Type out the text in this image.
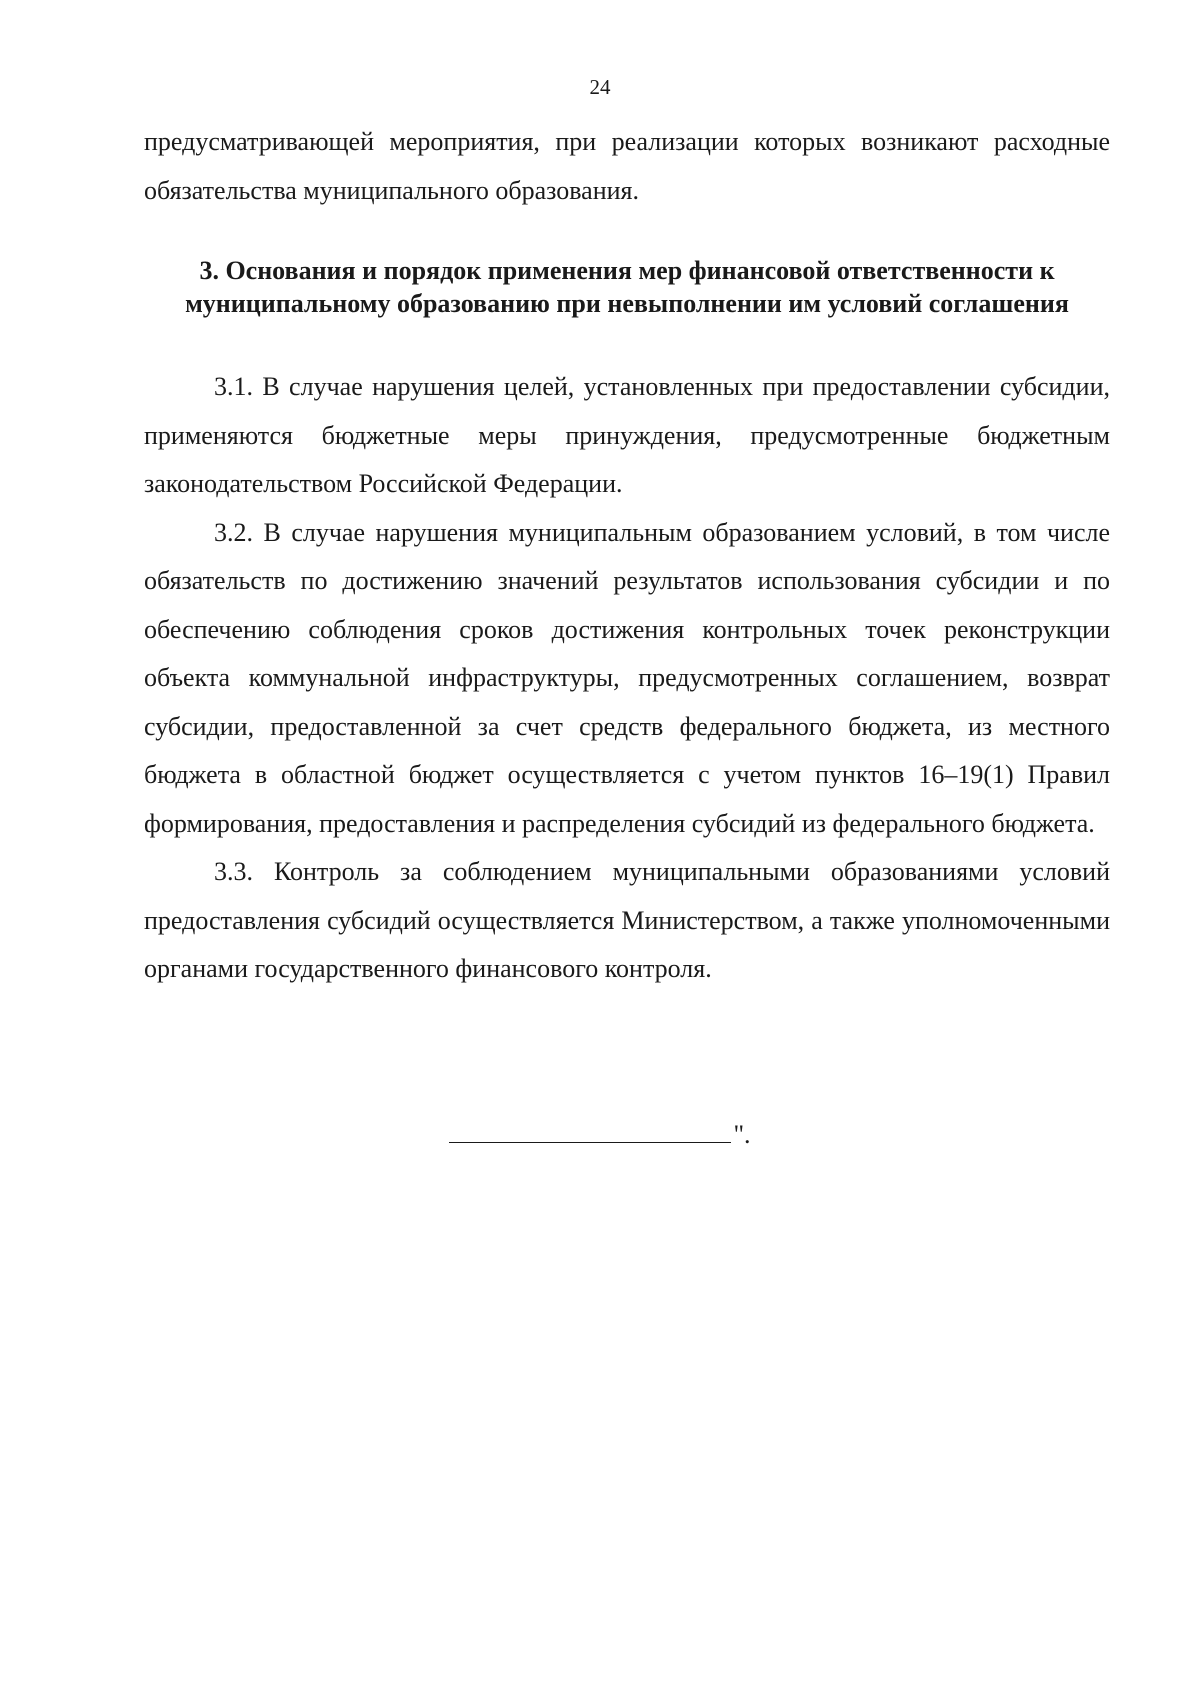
24

предусматривающей мероприятия, при реализации которых возникают расходные обязательства муниципального образования.

3. Основания и порядок применения мер финансовой ответственности к муниципальному образованию при невыполнении им условий соглашения

3.1. В случае нарушения целей, установленных при предоставлении субсидии, применяются бюджетные меры принуждения, предусмотренные бюджетным законодательством Российской Федерации.

3.2. В случае нарушения муниципальным образованием условий, в том числе обязательств по достижению значений результатов использования субсидии и по обеспечению соблюдения сроков достижения контрольных точек реконструкции объекта коммунальной инфраструктуры, предусмотренных соглашением, возврат субсидии, предоставленной за счет средств федерального бюджета, из местного бюджета в областной бюджет осуществляется с учетом пунктов 16–19(1) Правил формирования, предоставления и распределения субсидий из федерального бюджета.

3.3. Контроль за соблюдением муниципальными образованиями условий предоставления субсидий осуществляется Министерством, а также уполномоченными органами государственного финансового контроля.

".
